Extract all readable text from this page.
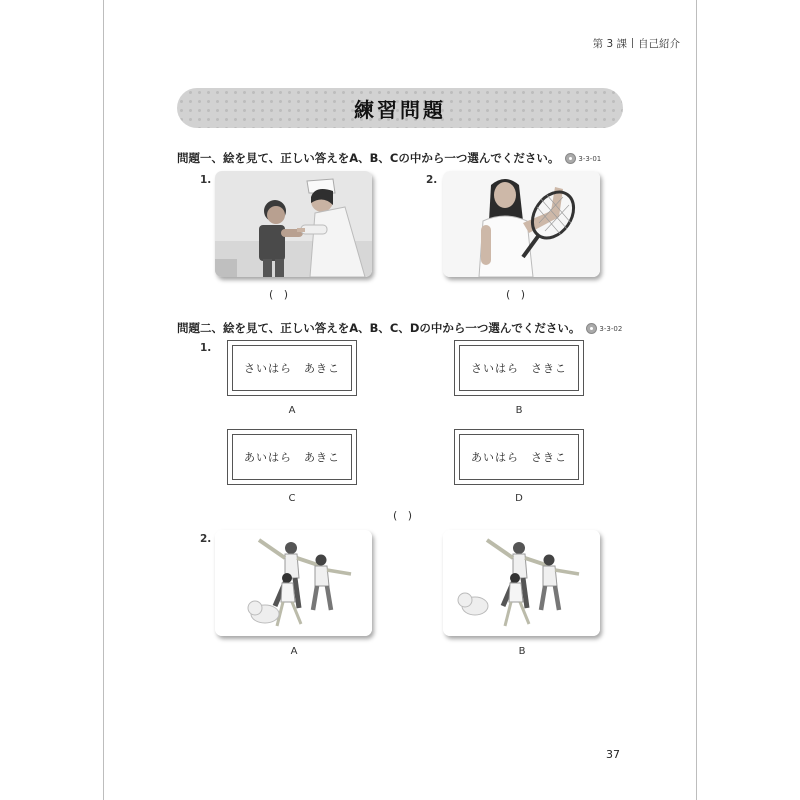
第 3 課 自己紹介
練習問題
問題一、絵を見て、正しい答えをA、B、Cの中から一つ選んでください。	3-3-01
1.
(   )
2.
(   )
問題二、絵を見て、正しい答えをA、B、C、Dの中から一つ選んでください。	3-3-02
1.
さいはら　あきこ
A
さいはら　さきこ
B
あいはら　あきこ
C
あいはら　さきこ
D
(   )
2.
A	B
37
